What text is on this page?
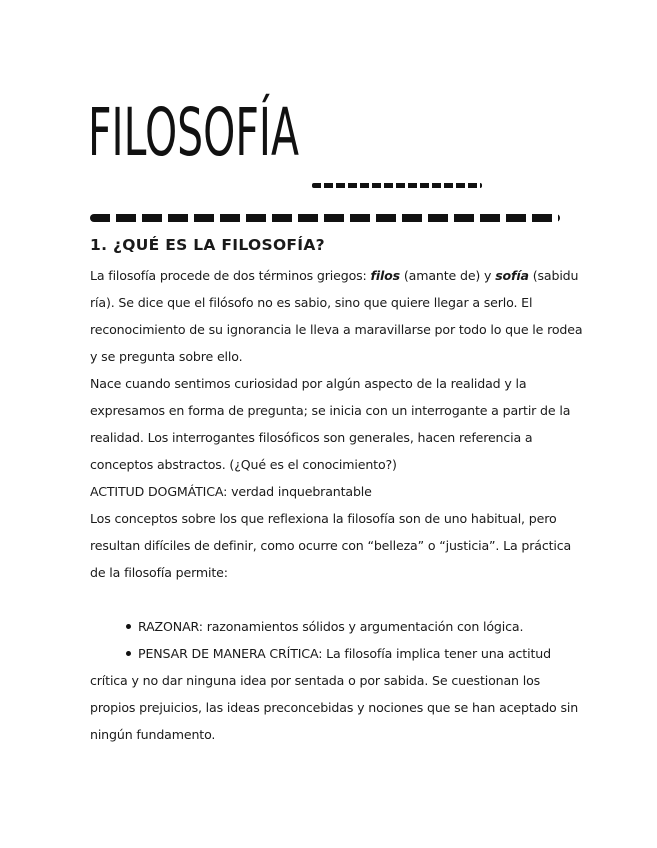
FILOSOFÍA
1. ¿QUÉ ES LA FILOSOFÍA?

La filosofía procede de dos términos griegos: filos (amante de) y sofía (sabidu

ría). Se dice que el filósofo no es sabio, sino que quiere llegar a serlo. El

reconocimiento de su ignorancia le lleva a maravillarse por todo lo que le rodea

y se pregunta sobre ello.

Nace cuando sentimos curiosidad por algún aspecto de la realidad y la

expresamos en forma de pregunta; se inicia con un interrogante a partir de la

realidad. Los interrogantes filosóficos son generales, hacen referencia a

conceptos abstractos. (¿Qué es el conocimiento?)

ACTITUD DOGMÁTICA: verdad inquebrantable

Los conceptos sobre los que reflexiona la filosofía son de uno habitual, pero

resultan difíciles de definir, como ocurre con “belleza” o “justicia”. La práctica

de la filosofía permite:

RAZONAR: razonamientos sólidos y argumentación con lógica.
PENSAR DE MANERA CRÍTICA: La filosofía implica tener una actitud

crítica y no dar ninguna idea por sentada o por sabida. Se cuestionan los

propios prejuicios, las ideas preconcebidas y nociones que se han aceptado sin

ningún fundamento.
